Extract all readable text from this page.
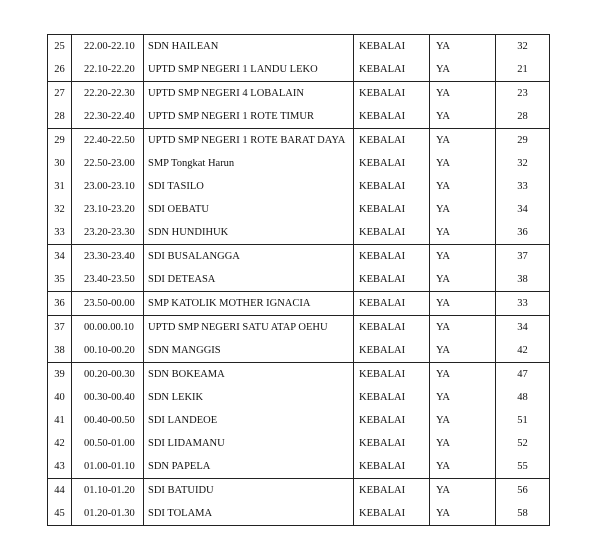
25	22.00-22.10	SDN HAILEAN	KEBALAI	YA	32
26	22.10-22.20	UPTD SMP NEGERI 1 LANDU LEKO	KEBALAI	YA	21
27	22.20-22.30	UPTD SMP NEGERI 4 LOBALAIN	KEBALAI	YA	23
28	22.30-22.40	UPTD SMP NEGERI 1 ROTE TIMUR	KEBALAI	YA	28
29	22.40-22.50	UPTD SMP NEGERI 1 ROTE BARAT DAYA	KEBALAI	YA	29
30	22.50-23.00	SMP Tongkat Harun	KEBALAI	YA	32
31	23.00-23.10	SDI TASILO	KEBALAI	YA	33
32	23.10-23.20	SDI OEBATU	KEBALAI	YA	34
33	23.20-23.30	SDN HUNDIHUK	KEBALAI	YA	36
34	23.30-23.40	SDI BUSALANGGA	KEBALAI	YA	37
35	23.40-23.50	SDI DETEASA	KEBALAI	YA	38
36	23.50-00.00	SMP KATOLIK MOTHER IGNACIA	KEBALAI	YA	33
37	00.00.00.10	UPTD SMP NEGERI SATU ATAP OEHU	KEBALAI	YA	34
38	00.10-00.20	SDN MANGGIS	KEBALAI	YA	42
39	00.20-00.30	SDN BOKEAMA	KEBALAI	YA	47
40	00.30-00.40	SDN LEKIK	KEBALAI	YA	48
41	00.40-00.50	SDI LANDEOE	KEBALAI	YA	51
42	00.50-01.00	SDI LIDAMANU	KEBALAI	YA	52
43	01.00-01.10	SDN PAPELA	KEBALAI	YA	55
44	01.10-01.20	SDI BATUIDU	KEBALAI	YA	56
45	01.20-01.30	SDI TOLAMA	KEBALAI	YA	58
